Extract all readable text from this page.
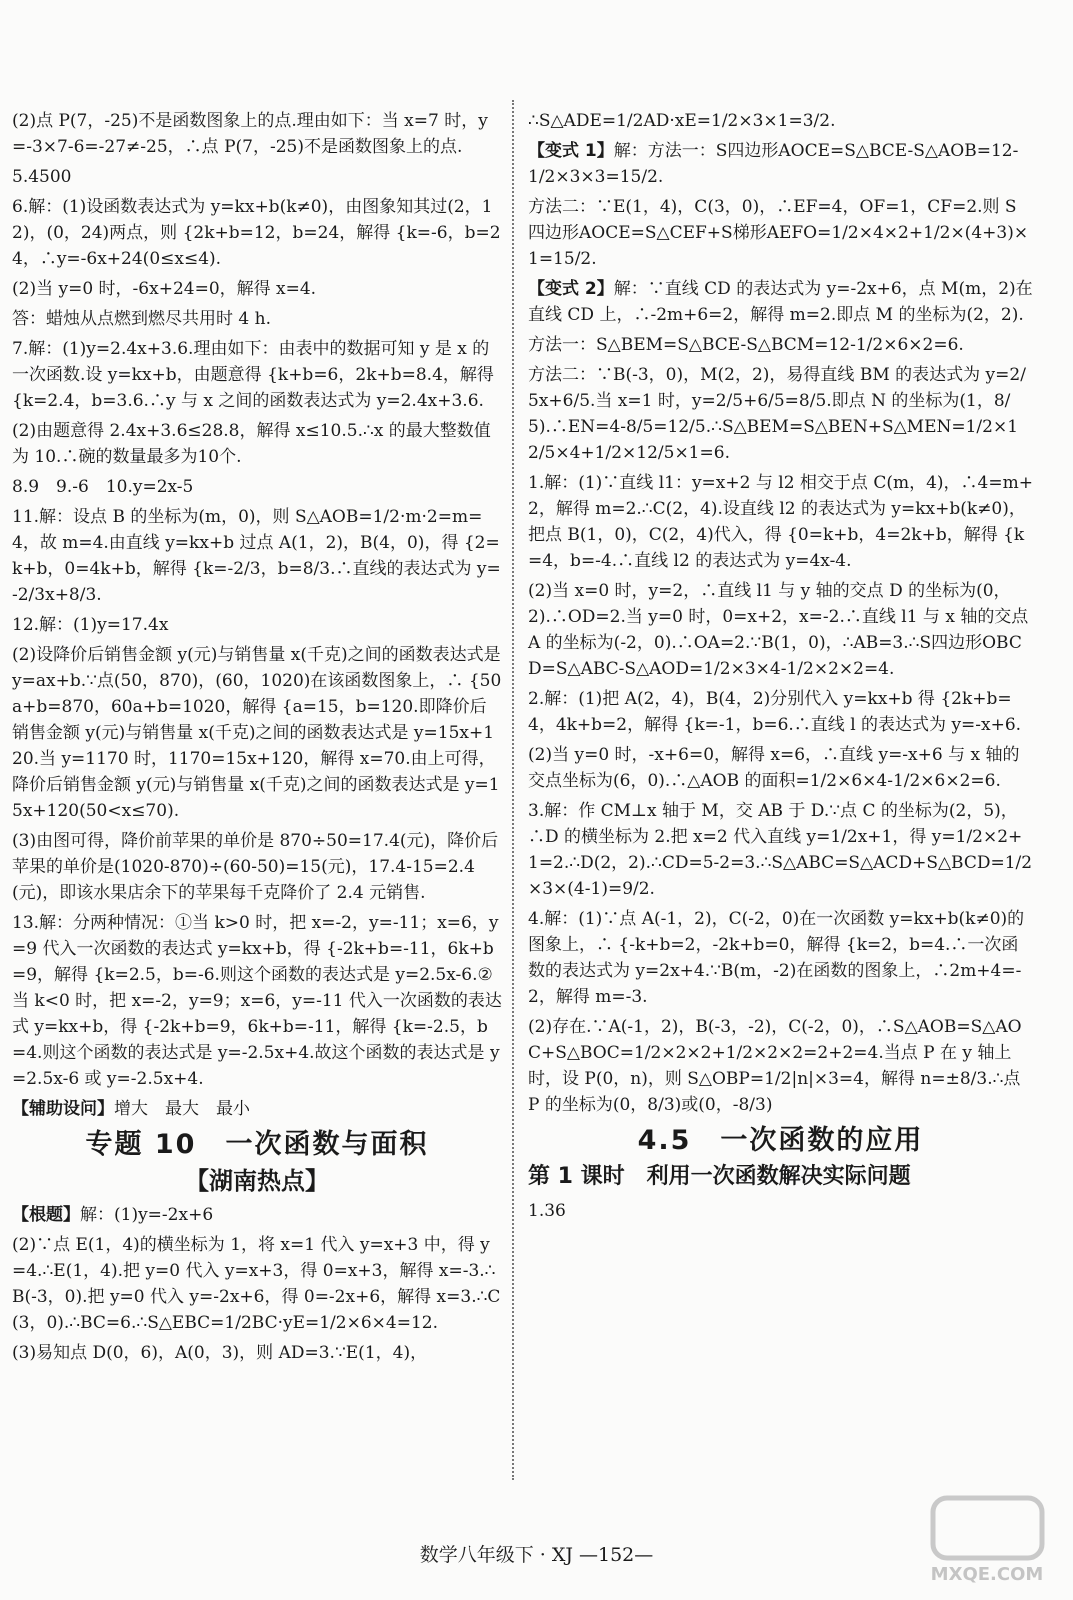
(2)点 P(7，-25)不是函数图象上的点.理由如下：当 x=7 时，y=-3×7-6=-27≠-25，∴点 P(7，-25)不是函数图象上的点.

5.4500

6.解：(1)设函数表达式为 y=kx+b(k≠0)，由图象知其过(2，12)，(0，24)两点，则 {2k+b=12，b=24，解得 {k=-6，b=24，∴y=-6x+24(0≤x≤4).

(2)当 y=0 时，-6x+24=0，解得 x=4.

答：蜡烛从点燃到燃尽共用时 4 h.

7.解：(1)y=2.4x+3.6.理由如下：由表中的数据可知 y 是 x 的一次函数.设 y=kx+b，由题意得 {k+b=6，2k+b=8.4，解得 {k=2.4，b=3.6.∴y 与 x 之间的函数表达式为 y=2.4x+3.6.

(2)由题意得 2.4x+3.6≤28.8，解得 x≤10.5.∴x 的最大整数值为 10.∴碗的数量最多为10个.

8.9　9.-6　10.y=2x-5

11.解：设点 B 的坐标为(m，0)，则 S△AOB=1/2·m·2=m=4，故 m=4.由直线 y=kx+b 过点 A(1，2)，B(4，0)，得 {2=k+b，0=4k+b，解得 {k=-2/3，b=8/3.∴直线的表达式为 y=-2/3x+8/3.

12.解：(1)y=17.4x

(2)设降价后销售金额 y(元)与销售量 x(千克)之间的函数表达式是 y=ax+b.∵点(50，870)，(60，1020)在该函数图象上，∴ {50a+b=870，60a+b=1020，解得 {a=15，b=120.即降价后销售金额 y(元)与销售量 x(千克)之间的函数表达式是 y=15x+120.当 y=1170 时，1170=15x+120，解得 x=70.由上可得，降价后销售金额 y(元)与销售量 x(千克)之间的函数表达式是 y=15x+120(50<x≤70).

(3)由图可得，降价前苹果的单价是 870÷50=17.4(元)，降价后苹果的单价是(1020-870)÷(60-50)=15(元)，17.4-15=2.4(元)，即该水果店余下的苹果每千克降价了 2.4 元销售.

13.解：分两种情况：①当 k>0 时，把 x=-2，y=-11；x=6，y=9 代入一次函数的表达式 y=kx+b，得 {-2k+b=-11，6k+b=9，解得 {k=2.5，b=-6.则这个函数的表达式是 y=2.5x-6.②当 k<0 时，把 x=-2，y=9；x=6，y=-11 代入一次函数的表达式 y=kx+b，得 {-2k+b=9，6k+b=-11，解得 {k=-2.5，b=4.则这个函数的表达式是 y=-2.5x+4.故这个函数的表达式是 y=2.5x-6 或 y=-2.5x+4.

【辅助设问】增大　最大　最小

专题 10　一次函数与面积
【湖南热点】

【根题】解：(1)y=-2x+6

(2)∵点 E(1，4)的横坐标为 1，将 x=1 代入 y=x+3 中，得 y=4.∴E(1，4).把 y=0 代入 y=x+3，得 0=x+3，解得 x=-3.∴B(-3，0).把 y=0 代入 y=-2x+6，得 0=-2x+6，解得 x=3.∴C(3，0).∴BC=6.∴S△EBC=1/2BC·yE=1/2×6×4=12.

(3)易知点 D(0，6)，A(0，3)，则 AD=3.∵E(1，4)，

∴S△ADE=1/2AD·xE=1/2×3×1=3/2.

【变式 1】解：方法一：S四边形AOCE=S△BCE-S△AOB=12-1/2×3×3=15/2.

方法二：∵E(1，4)，C(3，0)，∴EF=4，OF=1，CF=2.则 S四边形AOCE=S△CEF+S梯形AEFO=1/2×4×2+1/2×(4+3)×1=15/2.

【变式 2】解：∵直线 CD 的表达式为 y=-2x+6，点 M(m，2)在直线 CD 上，∴-2m+6=2，解得 m=2.即点 M 的坐标为(2，2).

方法一：S△BEM=S△BCE-S△BCM=12-1/2×6×2=6.

方法二：∵B(-3，0)，M(2，2)，易得直线 BM 的表达式为 y=2/5x+6/5.当 x=1 时，y=2/5+6/5=8/5.即点 N 的坐标为(1，8/5).∴EN=4-8/5=12/5.∴S△BEM=S△BEN+S△MEN=1/2×12/5×4+1/2×12/5×1=6.

1.解：(1)∵直线 l1：y=x+2 与 l2 相交于点 C(m，4)，∴4=m+2，解得 m=2.∴C(2，4).设直线 l2 的表达式为 y=kx+b(k≠0)，把点 B(1，0)，C(2，4)代入，得 {0=k+b，4=2k+b，解得 {k=4，b=-4.∴直线 l2 的表达式为 y=4x-4.

(2)当 x=0 时，y=2，∴直线 l1 与 y 轴的交点 D 的坐标为(0，2).∴OD=2.当 y=0 时，0=x+2，x=-2.∴直线 l1 与 x 轴的交点 A 的坐标为(-2，0).∴OA=2.∵B(1，0)，∴AB=3.∴S四边形OBCD=S△ABC-S△AOD=1/2×3×4-1/2×2×2=4.

2.解：(1)把 A(2，4)，B(4，2)分别代入 y=kx+b 得 {2k+b=4，4k+b=2，解得 {k=-1，b=6.∴直线 l 的表达式为 y=-x+6.

(2)当 y=0 时，-x+6=0，解得 x=6，∴直线 y=-x+6 与 x 轴的交点坐标为(6，0).∴△AOB 的面积=1/2×6×4-1/2×6×2=6.

3.解：作 CM⊥x 轴于 M，交 AB 于 D.∵点 C 的坐标为(2，5)，∴D 的横坐标为 2.把 x=2 代入直线 y=1/2x+1，得 y=1/2×2+1=2.∴D(2，2).∴CD=5-2=3.∴S△ABC=S△ACD+S△BCD=1/2×3×(4-1)=9/2.

4.解：(1)∵点 A(-1，2)，C(-2，0)在一次函数 y=kx+b(k≠0)的图象上，∴ {-k+b=2，-2k+b=0，解得 {k=2，b=4.∴一次函数的表达式为 y=2x+4.∵B(m，-2)在函数的图象上，∴2m+4=-2，解得 m=-3.

(2)存在.∵A(-1，2)，B(-3，-2)，C(-2，0)，∴S△AOB=S△AOC+S△BOC=1/2×2×2+1/2×2×2=2+2=4.当点 P 在 y 轴上时，设 P(0，n)，则 S△OBP=1/2|n|×3=4，解得 n=±8/3.∴点 P 的坐标为(0，8/3)或(0，-8/3)

4.5　一次函数的应用
第 1 课时　利用一次函数解决实际问题

1.36

数学八年级下 · XJ —152—
MXQE.COM
